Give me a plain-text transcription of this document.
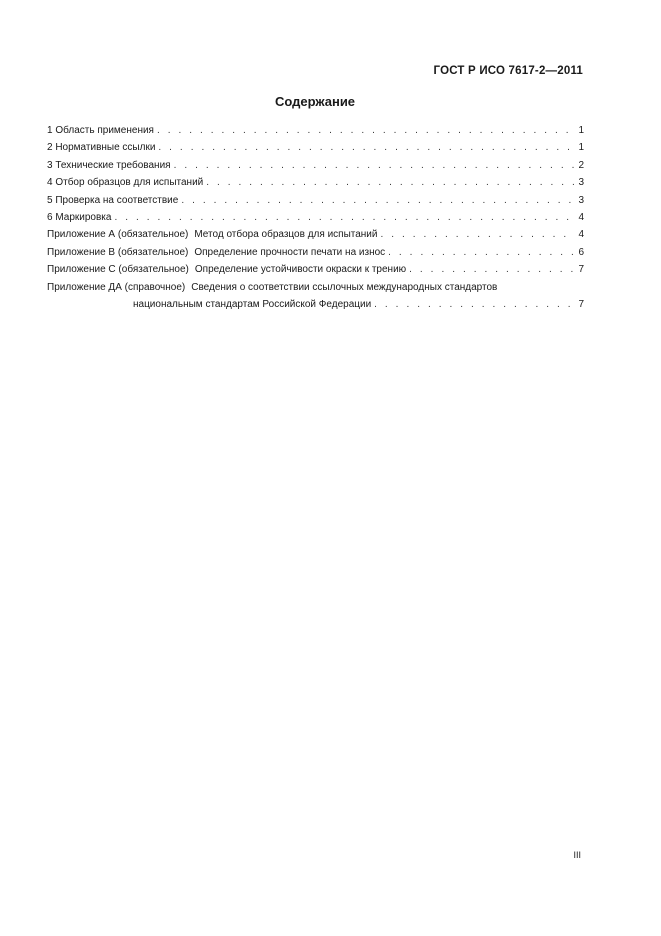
ГОСТ Р ИСО 7617-2—2011
Содержание
1 Область применения . . .	1
2 Нормативные ссылки . . .	1
3 Технические требования . . .	2
4 Отбор образцов для испытаний . . .	3
5 Проверка на соответствие . . .	3
6 Маркировка . . .	4
Приложение А (обязательное) Метод отбора образцов для испытаний . . .	4
Приложение В (обязательное) Определение прочности печати на износ . . .	6
Приложение С (обязательное) Определение устойчивости окраски к трению . . .	7
Приложение ДА (справочное) Сведения о соответствии ссылочных международных стандартов
национальным стандартам Российской Федерации . . .	7
III
